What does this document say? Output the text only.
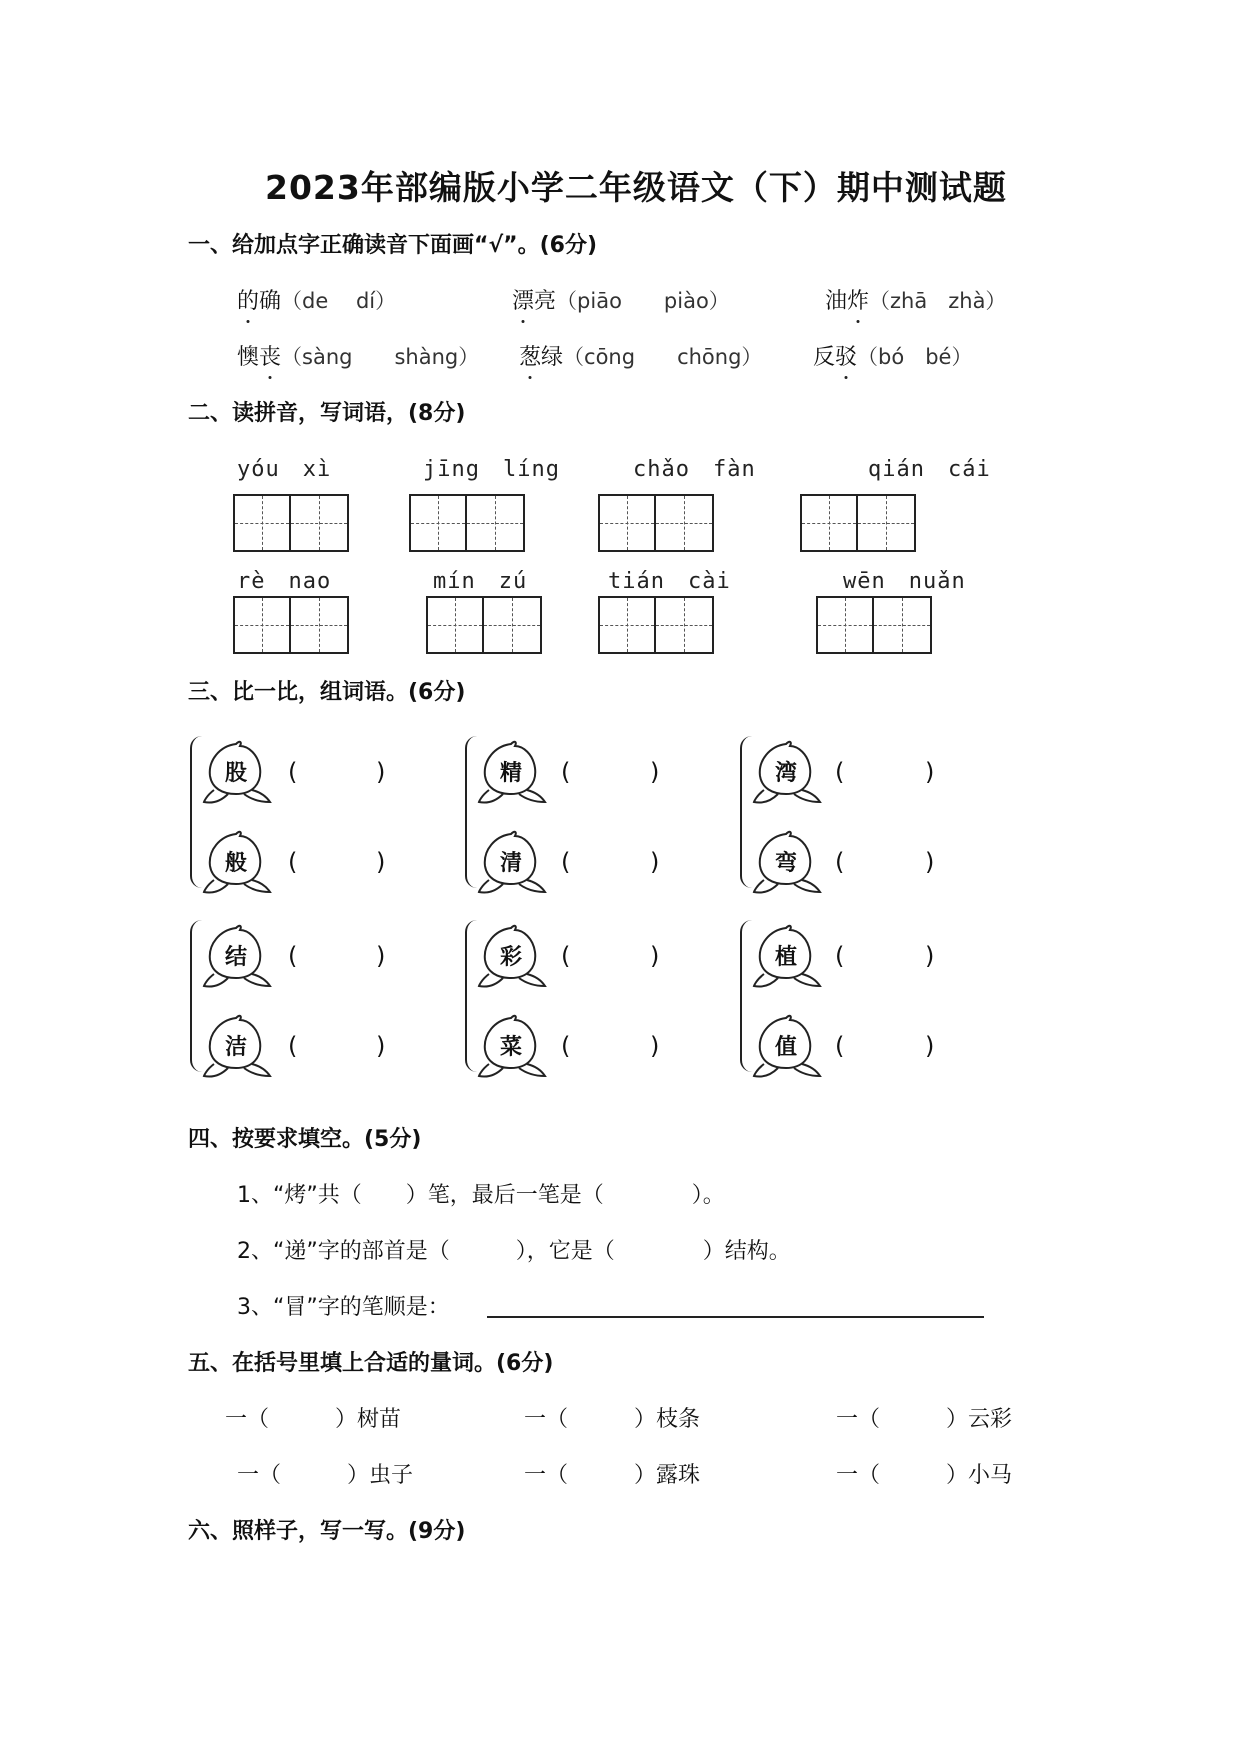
2023年部编版小学二年级语文（下）期中测试题
一、给加点字正确读音下面画“√”。(6分)
的确（de　 dí）	漂亮（piāo　　piào）	油炸（zhā　zhà）
懊丧（sàng　　shàng） 葱绿（cōng　　chōng） 反驳（bó　bé）
二、读拼音，写词语，(8分)
yóu　xì	jīng　líng	chǎo　fàn	qián　cái
rè　nao	mín　zú	tián　cài	wēn　nuǎn
三、比一比，组词语。(6分)
股 (	)
般 (	)
精 (	)
清 (	)
湾 (	)
弯 (	)
结 (	)
洁 (	)
彩 (	)
菜 (	)
植 (	)
值 (	)
四、按要求填空。(5分)
1、“烤”共（　　）笔，最后一笔是（　　　　）。
2、“递”字的部首是（　　　），它是（　　　　）结构。
3、“冒”字的笔顺是：
五、在括号里填上合适的量词。(6分)
一（　　　）树苗	一（　　　）枝条	一（　　　）云彩
一（　　　）虫子	一（　　　）露珠	一（　　　）小马
六、照样子，写一写。(9分)
